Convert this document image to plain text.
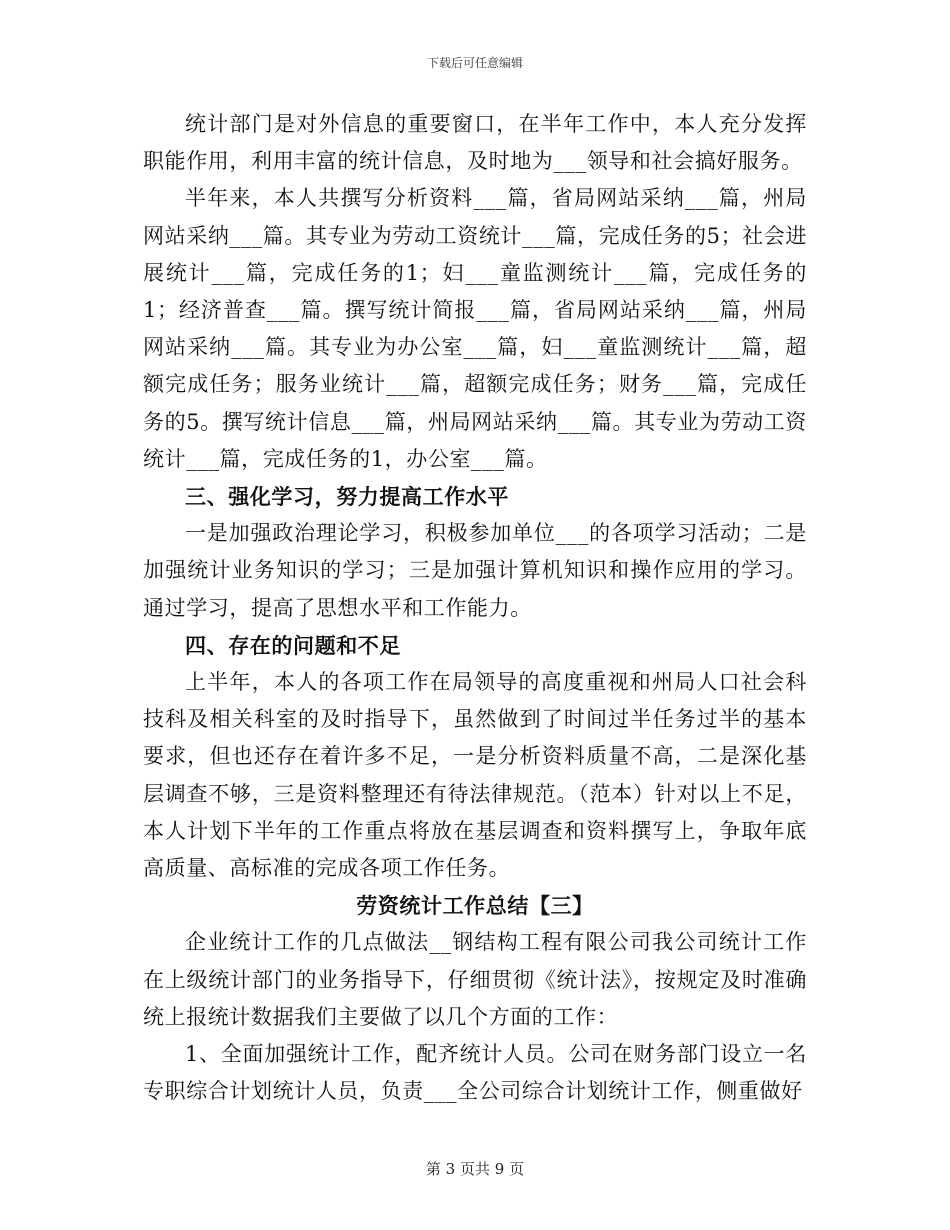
下载后可任意编辑

统计部门是对外信息的重要窗口，在半年工作中，本人充分发挥职能作用，利用丰富的统计信息，及时地为___领导和社会搞好服务。

半年来，本人共撰写分析资料___篇，省局网站采纳___篇，州局网站采纳___篇。其专业为劳动工资统计___篇，完成任务的5；社会进展统计___篇，完成任务的1；妇___童监测统计___篇，完成任务的1；经济普查___篇。撰写统计简报___篇，省局网站采纳___篇，州局网站采纳___篇。其专业为办公室___篇，妇___童监测统计___篇，超额完成任务；服务业统计___篇，超额完成任务；财务___篇，完成任务的5。撰写统计信息___篇，州局网站采纳___篇。其专业为劳动工资统计___篇，完成任务的1，办公室___篇。

三、强化学习，努力提高工作水平

一是加强政治理论学习，积极参加单位___的各项学习活动；二是加强统计业务知识的学习；三是加强计算机知识和操作应用的学习。通过学习，提高了思想水平和工作能力。

四、存在的问题和不足

上半年，本人的各项工作在局领导的高度重视和州局人口社会科技科及相关科室的及时指导下，虽然做到了时间过半任务过半的基本要求，但也还存在着许多不足，一是分析资料质量不高，二是深化基层调查不够，三是资料整理还有待法律规范。（范本）针对以上不足，本人计划下半年的工作重点将放在基层调查和资料撰写上，争取年底高质量、高标准的完成各项工作任务。

劳资统计工作总结【三】

企业统计工作的几点做法__钢结构工程有限公司我公司统计工作在上级统计部门的业务指导下，仔细贯彻《统计法》，按规定及时准确统上报统计数据我们主要做了以几个方面的工作：

1、全面加强统计工作，配齐统计人员。公司在财务部门设立一名专职综合计划统计人员，负责___全公司综合计划统计工作，侧重做好

第 3 页共 9 页
